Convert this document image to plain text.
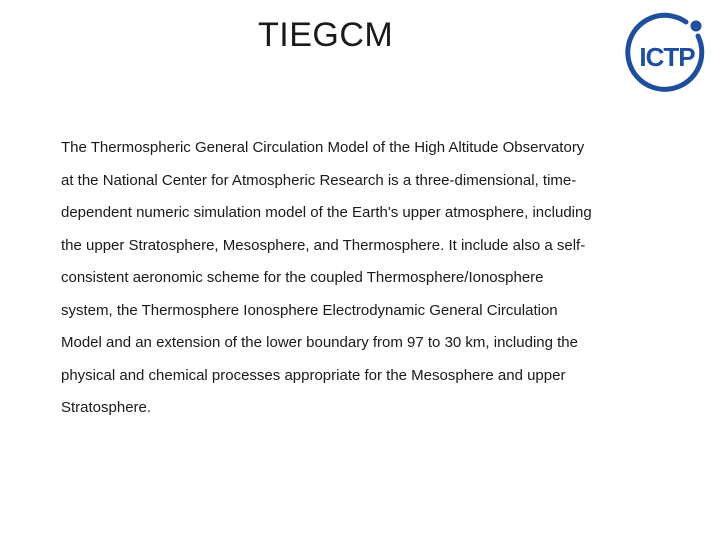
TIEGCM
ICTP
The Thermospheric General Circulation Model of the High Altitude Observatory
at the National Center for Atmospheric Research is a three-dimensional, time-
dependent numeric simulation model of the Earth's upper atmosphere, including
the upper Stratosphere, Mesosphere, and Thermosphere. It include also a self-
consistent aeronomic scheme for the coupled Thermosphere/Ionosphere
system, the Thermosphere Ionosphere Electrodynamic General Circulation
Model and an extension of the lower boundary from 97 to 30 km, including the
physical and chemical processes appropriate for the Mesosphere and upper
Stratosphere.
